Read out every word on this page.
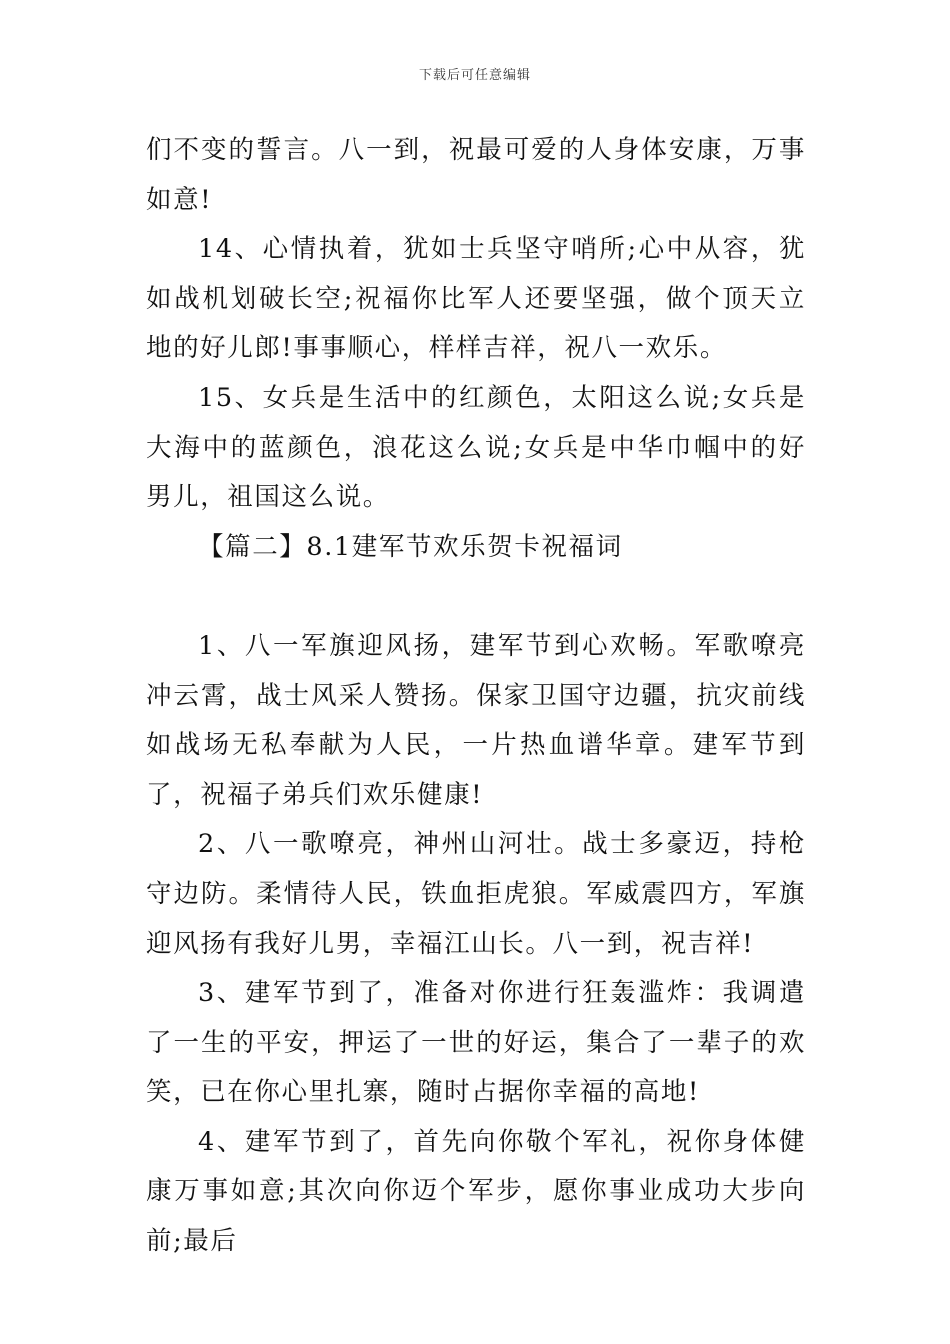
下载后可任意编辑

们不变的誓言。八一到，祝最可爱的人身体安康，万事如意!

14、心情执着，犹如士兵坚守哨所;心中从容，犹如战机划破长空;祝福你比军人还要坚强，做个顶天立地的好儿郎!事事顺心，样样吉祥，祝八一欢乐。

15、女兵是生活中的红颜色，太阳这么说;女兵是大海中的蓝颜色，浪花这么说;女兵是中华巾帼中的好男儿，祖国这么说。

【篇二】8.1建军节欢乐贺卡祝福词

1、八一军旗迎风扬，建军节到心欢畅。军歌嘹亮冲云霄，战士风采人赞扬。保家卫国守边疆，抗灾前线如战场无私奉献为人民，一片热血谱华章。建军节到了，祝福子弟兵们欢乐健康!

2、八一歌嘹亮，神州山河壮。战士多豪迈，持枪守边防。柔情待人民，铁血拒虎狼。军威震四方，军旗迎风扬有我好儿男，幸福江山长。八一到，祝吉祥!

3、建军节到了，准备对你进行狂轰滥炸：我调遣了一生的平安，押运了一世的好运，集合了一辈子的欢笑，已在你心里扎寨，随时占据你幸福的高地!

4、建军节到了，首先向你敬个军礼，祝你身体健康万事如意;其次向你迈个军步，愿你事业成功大步向前;最后
